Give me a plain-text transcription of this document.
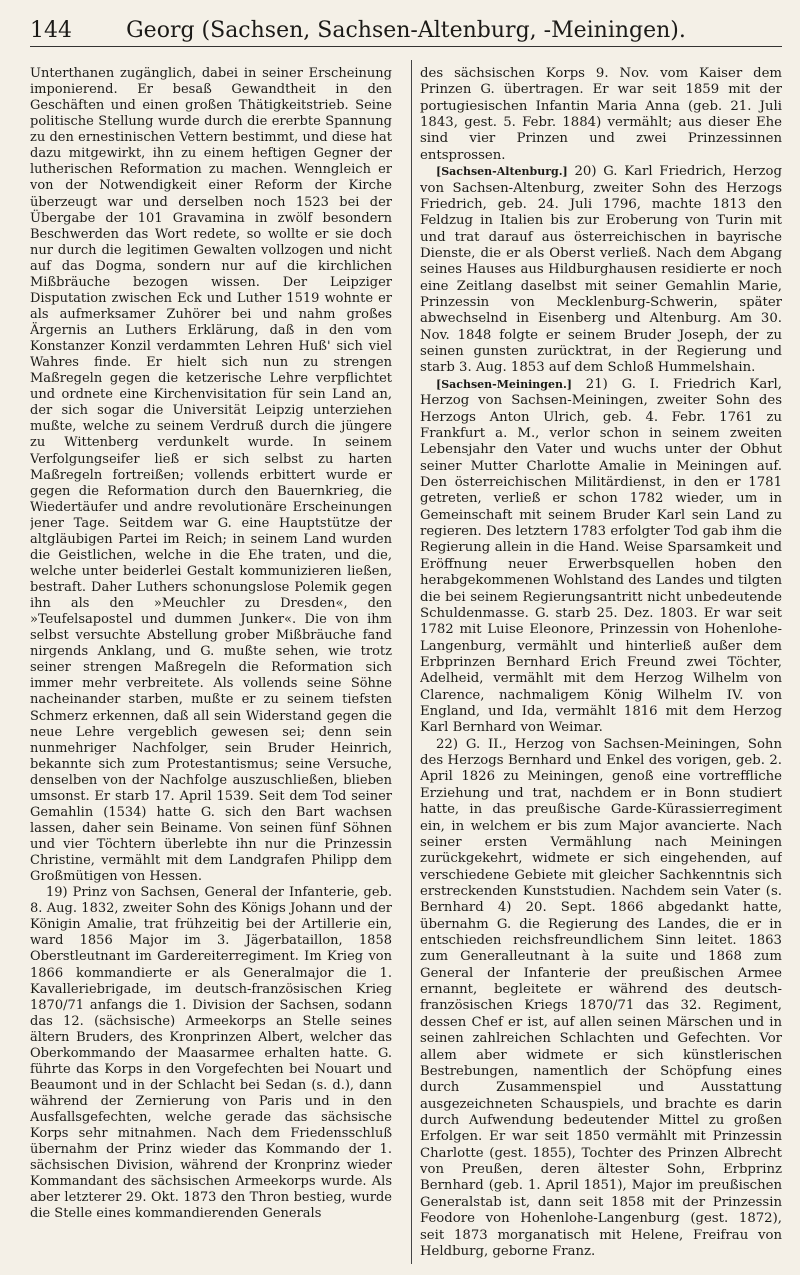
144	Georg (Sachsen, Sachsen-Altenburg, -Meiningen).

Unterthanen zugänglich, dabei in seiner Erscheinung imponierend. Er besaß Gewandtheit in den Geschäften und einen großen Thätigkeitstrieb. Seine politische Stellung wurde durch die ererbte Spannung zu den ernestinischen Vettern bestimmt, und diese hat dazu mitgewirkt, ihn zu einem heftigen Gegner der lutherischen Reformation zu machen. Wenngleich er von der Notwendigkeit einer Reform der Kirche überzeugt war und derselben noch 1523 bei der Übergabe der 101 Gravamina in zwölf besondern Beschwerden das Wort redete, so wollte er sie doch nur durch die legitimen Gewalten vollzogen und nicht auf das Dogma, sondern nur auf die kirchlichen Mißbräuche bezogen wissen. Der Leipziger Disputation zwischen Eck und Luther 1519 wohnte er als aufmerksamer Zuhörer bei und nahm großes Ärgernis an Luthers Erklärung, daß in den vom Konstanzer Konzil verdammten Lehren Huß' sich viel Wahres finde. Er hielt sich nun zu strengen Maßregeln gegen die ketzerische Lehre verpflichtet und ordnete eine Kirchenvisitation für sein Land an, der sich sogar die Universität Leipzig unterziehen mußte, welche zu seinem Verdruß durch die jüngere zu Wittenberg verdunkelt wurde. In seinem Verfolgungseifer ließ er sich selbst zu harten Maßregeln fortreißen; vollends erbittert wurde er gegen die Reformation durch den Bauernkrieg, die Wiedertäufer und andre revolutionäre Erscheinungen jener Tage. Seitdem war G. eine Hauptstütze der altgläubigen Partei im Reich; in seinem Land wurden die Geistlichen, welche in die Ehe traten, und die, welche unter beiderlei Gestalt kommunizieren ließen, bestraft. Daher Luthers schonungslose Polemik gegen ihn als den »Meuchler zu Dresden«, den »Teufelsapostel und dummen Junker«. Die von ihm selbst versuchte Abstellung grober Mißbräuche fand nirgends Anklang, und G. mußte sehen, wie trotz seiner strengen Maßregeln die Reformation sich immer mehr verbreitete. Als vollends seine Söhne nacheinander starben, mußte er zu seinem tiefsten Schmerz erkennen, daß all sein Widerstand gegen die neue Lehre vergeblich gewesen sei; denn sein nunmehriger Nachfolger, sein Bruder Heinrich, bekannte sich zum Protestantismus; seine Versuche, denselben von der Nachfolge auszuschließen, blieben umsonst. Er starb 17. April 1539. Seit dem Tod seiner Gemahlin (1534) hatte G. sich den Bart wachsen lassen, daher sein Beiname. Von seinen fünf Söhnen und vier Töchtern überlebte ihn nur die Prinzessin Christine, vermählt mit dem Landgrafen Philipp dem Großmütigen von Hessen.

19) Prinz von Sachsen, General der Infanterie, geb. 8. Aug. 1832, zweiter Sohn des Königs Johann und der Königin Amalie, trat frühzeitig bei der Artillerie ein, ward 1856 Major im 3. Jägerbataillon, 1858 Oberstleutnant im Gardereiterregiment. Im Krieg von 1866 kommandierte er als Generalmajor die 1. Kavalleriebrigade, im deutsch-französischen Krieg 1870/71 anfangs die 1. Division der Sachsen, sodann das 12. (sächsische) Armeekorps an Stelle seines ältern Bruders, des Kronprinzen Albert, welcher das Oberkommando der Maasarmee erhalten hatte. G. führte das Korps in den Vorgefechten bei Nouart und Beaumont und in der Schlacht bei Sedan (s. d.), dann während der Zernierung von Paris und in den Ausfallsgefechten, welche gerade das sächsische Korps sehr mitnahmen. Nach dem Friedensschluß übernahm der Prinz wieder das Kommando der 1. sächsischen Division, während der Kronprinz wieder Kommandant des sächsischen Armeekorps wurde. Als aber letzterer 29. Okt. 1873 den Thron bestieg, wurde die Stelle eines kommandierenden Generals

des sächsischen Korps 9. Nov. vom Kaiser dem Prinzen G. übertragen. Er war seit 1859 mit der portugiesischen Infantin Maria Anna (geb. 21. Juli 1843, gest. 5. Febr. 1884) vermählt; aus dieser Ehe sind vier Prinzen und zwei Prinzessinnen entsprossen.

[Sachsen-Altenburg.] 20) G. Karl Friedrich, Herzog von Sachsen-Altenburg, zweiter Sohn des Herzogs Friedrich, geb. 24. Juli 1796, machte 1813 den Feldzug in Italien bis zur Eroberung von Turin mit und trat darauf aus österreichischen in bayrische Dienste, die er als Oberst verließ. Nach dem Abgang seines Hauses aus Hildburghausen residierte er noch eine Zeitlang daselbst mit seiner Gemahlin Marie, Prinzessin von Mecklenburg-Schwerin, später abwechselnd in Eisenberg und Altenburg. Am 30. Nov. 1848 folgte er seinem Bruder Joseph, der zu seinen gunsten zurücktrat, in der Regierung und starb 3. Aug. 1853 auf dem Schloß Hummelshain.

[Sachsen-Meiningen.] 21) G. I. Friedrich Karl, Herzog von Sachsen-Meiningen, zweiter Sohn des Herzogs Anton Ulrich, geb. 4. Febr. 1761 zu Frankfurt a. M., verlor schon in seinem zweiten Lebensjahr den Vater und wuchs unter der Obhut seiner Mutter Charlotte Amalie in Meiningen auf. Den österreichischen Militärdienst, in den er 1781 getreten, verließ er schon 1782 wieder, um in Gemeinschaft mit seinem Bruder Karl sein Land zu regieren. Des letztern 1783 erfolgter Tod gab ihm die Regierung allein in die Hand. Weise Sparsamkeit und Eröffnung neuer Erwerbsquellen hoben den herabgekommenen Wohlstand des Landes und tilgten die bei seinem Regierungsantritt nicht unbedeutende Schuldenmasse. G. starb 25. Dez. 1803. Er war seit 1782 mit Luise Eleonore, Prinzessin von Hohenlohe-Langenburg, vermählt und hinterließ außer dem Erbprinzen Bernhard Erich Freund zwei Töchter, Adelheid, vermählt mit dem Herzog Wilhelm von Clarence, nachmaligem König Wilhelm IV. von England, und Ida, vermählt 1816 mit dem Herzog Karl Bernhard von Weimar.

22) G. II., Herzog von Sachsen-Meiningen, Sohn des Herzogs Bernhard und Enkel des vorigen, geb. 2. April 1826 zu Meiningen, genoß eine vortreffliche Erziehung und trat, nachdem er in Bonn studiert hatte, in das preußische Garde-Kürassierregiment ein, in welchem er bis zum Major avancierte. Nach seiner ersten Vermählung nach Meiningen zurückgekehrt, widmete er sich eingehenden, auf verschiedene Gebiete mit gleicher Sachkenntnis sich erstreckenden Kunststudien. Nachdem sein Vater (s. Bernhard 4) 20. Sept. 1866 abgedankt hatte, übernahm G. die Regierung des Landes, die er in entschieden reichsfreundlichem Sinn leitet. 1863 zum Generalleutnant à la suite und 1868 zum General der Infanterie der preußischen Armee ernannt, begleitete er während des deutsch-französischen Kriegs 1870/71 das 32. Regiment, dessen Chef er ist, auf allen seinen Märschen und in seinen zahlreichen Schlachten und Gefechten. Vor allem aber widmete er sich künstlerischen Bestrebungen, namentlich der Schöpfung eines durch Zusammenspiel und Ausstattung ausgezeichneten Schauspiels, und brachte es darin durch Aufwendung bedeutender Mittel zu großen Erfolgen. Er war seit 1850 vermählt mit Prinzessin Charlotte (gest. 1855), Tochter des Prinzen Albrecht von Preußen, deren ältester Sohn, Erbprinz Bernhard (geb. 1. April 1851), Major im preußischen Generalstab ist, dann seit 1858 mit der Prinzessin Feodore von Hohenlohe-Langenburg (gest. 1872), seit 1873 morganatisch mit Helene, Freifrau von Heldburg, geborne Franz.
